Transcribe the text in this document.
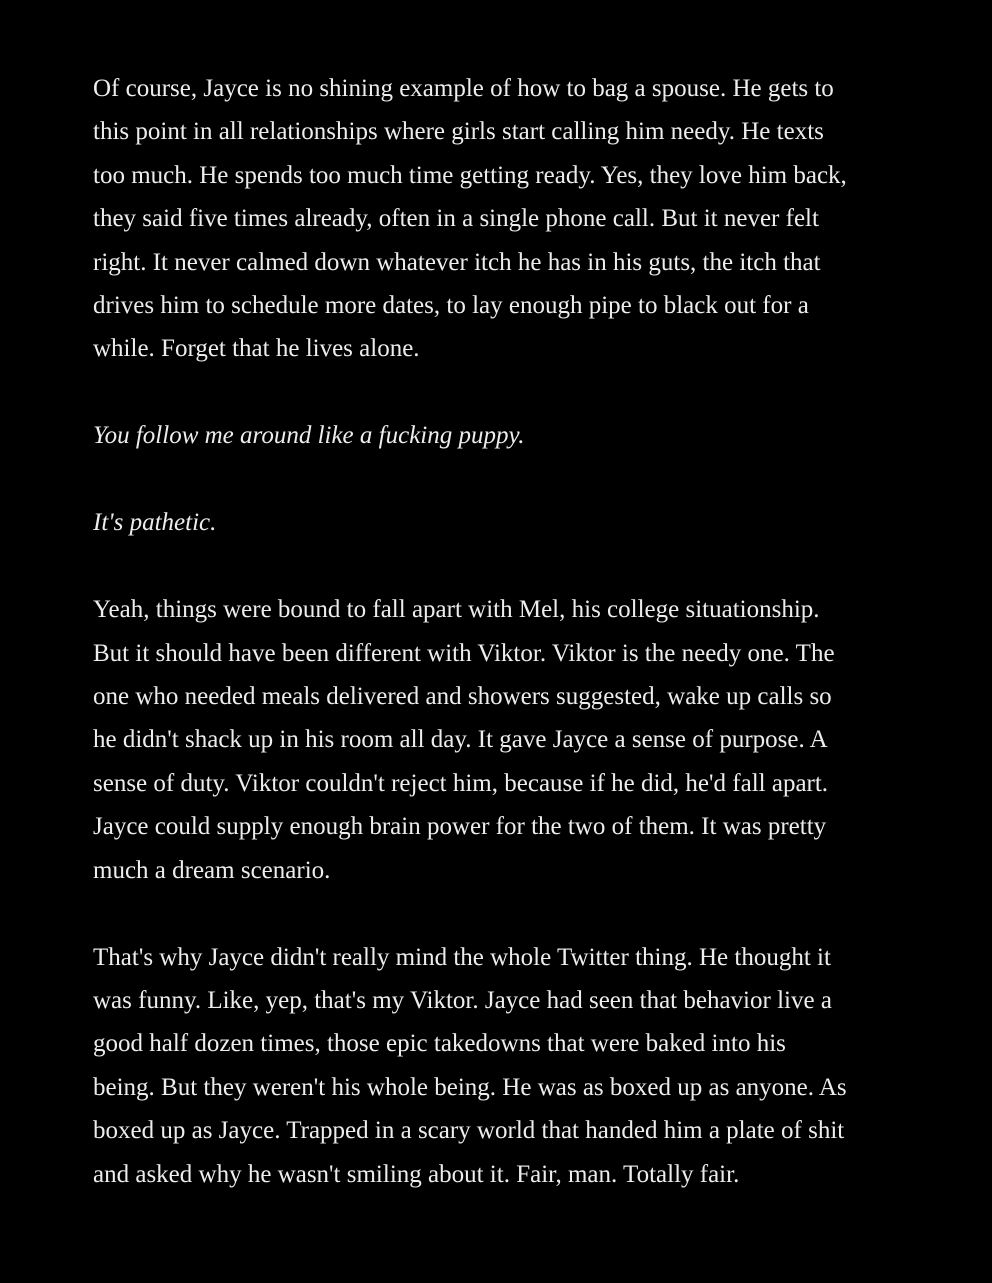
Of course, Jayce is no shining example of how to bag a spouse. He gets to
this point in all relationships where girls start calling him needy. He texts
too much. He spends too much time getting ready. Yes, they love him back,
they said five times already, often in a single phone call. But it never felt
right. It never calmed down whatever itch he has in his guts, the itch that
drives him to schedule more dates, to lay enough pipe to black out for a
while. Forget that he lives alone.

You follow me around like a fucking puppy.

It's pathetic.

Yeah, things were bound to fall apart with Mel, his college situationship.
But it should have been different with Viktor. Viktor is the needy one. The
one who needed meals delivered and showers suggested, wake up calls so
he didn't shack up in his room all day. It gave Jayce a sense of purpose. A
sense of duty. Viktor couldn't reject him, because if he did, he'd fall apart.
Jayce could supply enough brain power for the two of them. It was pretty
much a dream scenario.

That's why Jayce didn't really mind the whole Twitter thing. He thought it
was funny. Like, yep, that's my Viktor. Jayce had seen that behavior live a
good half dozen times, those epic takedowns that were baked into his
being. But they weren't his whole being. He was as boxed up as anyone. As
boxed up as Jayce. Trapped in a scary world that handed him a plate of shit
and asked why he wasn't smiling about it. Fair, man. Totally fair.
